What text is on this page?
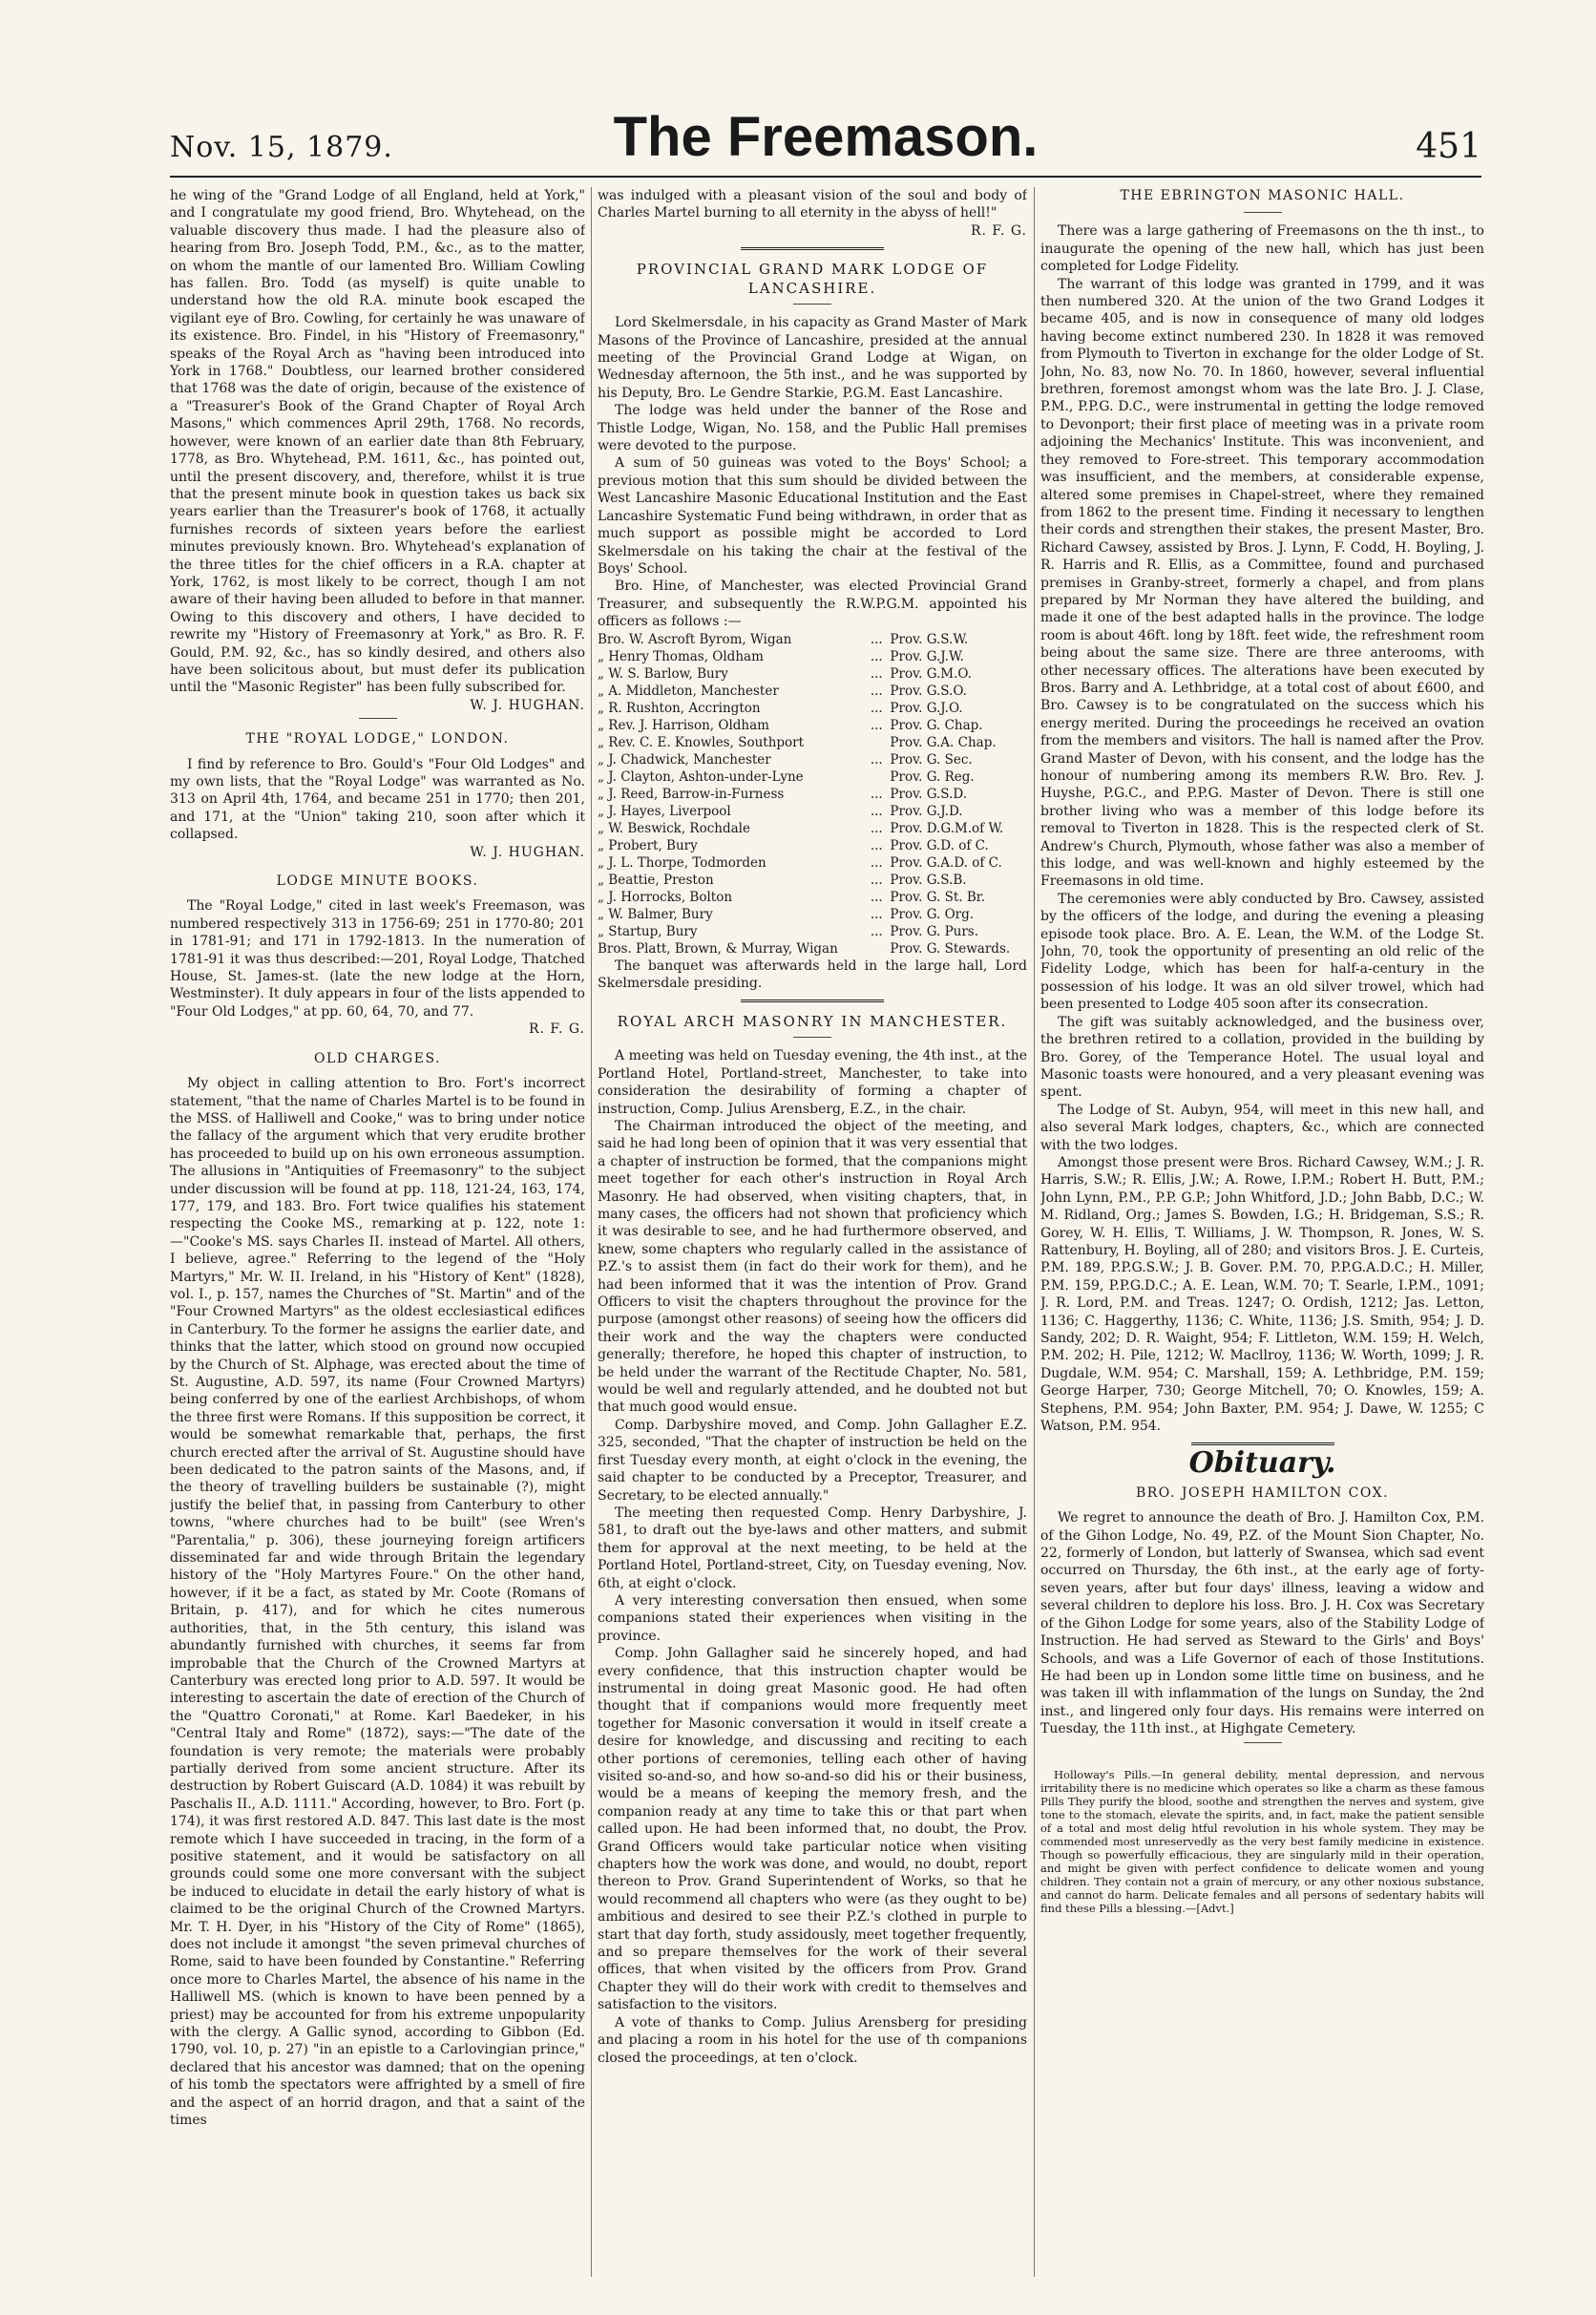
Nov. 15, 1879.	The Freemason.	451

he wing of the "Grand Lodge of all England, held at York," and I congratulate my good friend, Bro. Whytehead, on the valuable discovery thus made. I had the pleasure also of hearing from Bro. Joseph Todd, P.M., &c., as to the matter, on whom the mantle of our lamented Bro. William Cowling has fallen. Bro. Todd (as myself) is quite unable to understand how the old R.A. minute book escaped the vigilant eye of Bro. Cowling, for certainly he was unaware of its existence. Bro. Findel, in his "History of Freemasonry," speaks of the Royal Arch as "having been introduced into York in 1768." Doubtless, our learned brother considered that 1768 was the date of origin, because of the existence of a "Treasurer's Book of the Grand Chapter of Royal Arch Masons," which commences April 29th, 1768. No records, however, were known of an earlier date than 8th February, 1778, as Bro. Whytehead, P.M. 1611, &c., has pointed out, until the present discovery, and, therefore, whilst it is true that the present minute book in question takes us back six years earlier than the Treasurer's book of 1768, it actually furnishes records of sixteen years before the earliest minutes previously known. Bro. Whytehead's explanation of the three titles for the chief officers in a R.A. chapter at York, 1762, is most likely to be correct, though I am not aware of their having been alluded to before in that manner. Owing to this discovery and others, I have decided to rewrite my "History of Freemasonry at York," as Bro. R. F. Gould, P.M. 92, &c., has so kindly desired, and others also have been solicitous about, but must defer its publication until the "Masonic Register" has been fully subscribed for.

W. J. HUGHAN.

THE "ROYAL LODGE," LONDON.

I find by reference to Bro. Gould's "Four Old Lodges" and my own lists, that the "Royal Lodge" was warranted as No. 313 on April 4th, 1764, and became 251 in 1770; then 201, and 171, at the "Union" taking 210, soon after which it collapsed.

W. J. HUGHAN.

LODGE MINUTE BOOKS.

The "Royal Lodge," cited in last week's Freemason, was numbered respectively 313 in 1756-69; 251 in 1770-80; 201 in 1781-91; and 171 in 1792-1813. In the numeration of 1781-91 it was thus described:—201, Royal Lodge, Thatched House, St. James-st. (late the new lodge at the Horn, Westminster). It duly appears in four of the lists appended to "Four Old Lodges," at pp. 60, 64, 70, and 77.

R. F. G.

OLD CHARGES.

My object in calling attention to Bro. Fort's incorrect statement, "that the name of Charles Martel is to be found in the MSS. of Halliwell and Cooke," was to bring under notice the fallacy of the argument which that very erudite brother has proceeded to build up on his own erroneous assumption. The allusions in "Antiquities of Freemasonry" to the subject under discussion will be found at pp. 118, 121-24, 163, 174, 177, 179, and 183. Bro. Fort twice qualifies his statement respecting the Cooke MS., remarking at p. 122, note 1:—"Cooke's MS. says Charles II. instead of Martel. All others, I believe, agree." Referring to the legend of the "Holy Martyrs," Mr. W. II. Ireland, in his "History of Kent" (1828), vol. I., p. 157, names the Churches of "St. Martin" and of the "Four Crowned Martyrs" as the oldest ecclesiastical edifices in Canterbury. To the former he assigns the earlier date, and thinks that the latter, which stood on ground now occupied by the Church of St. Alphage, was erected about the time of St. Augustine, A.D. 597, its name (Four Crowned Martyrs) being conferred by one of the earliest Archbishops, of whom the three first were Romans. If this supposition be correct, it would be somewhat remarkable that, perhaps, the first church erected after the arrival of St. Augustine should have been dedicated to the patron saints of the Masons, and, if the theory of travelling builders be sustainable (?), might justify the belief that, in passing from Canterbury to other towns, "where churches had to be built" (see Wren's "Parentalia," p. 306), these journeying foreign artificers disseminated far and wide through Britain the legendary history of the "Holy Martyres Foure." On the other hand, however, if it be a fact, as stated by Mr. Coote (Romans of Britain, p. 417), and for which he cites numerous authorities, that, in the 5th century, this island was abundantly furnished with churches, it seems far from improbable that the Church of the Crowned Martyrs at Canterbury was erected long prior to A.D. 597. It would be interesting to ascertain the date of erection of the Church of the "Quattro Coronati," at Rome. Karl Baedeker, in his "Central Italy and Rome" (1872), says:—"The date of the foundation is very remote; the materials were probably partially derived from some ancient structure. After its destruction by Robert Guiscard (A.D. 1084) it was rebuilt by Paschalis II., A.D. 1111." According, however, to Bro. Fort (p. 174), it was first restored A.D. 847. This last date is the most remote which I have succeeded in tracing, in the form of a positive statement, and it would be satisfactory on all grounds could some one more conversant with the subject be induced to elucidate in detail the early history of what is claimed to be the original Church of the Crowned Martyrs. Mr. T. H. Dyer, in his "History of the City of Rome" (1865), does not include it amongst "the seven primeval churches of Rome, said to have been founded by Constantine." Referring once more to Charles Martel, the absence of his name in the Halliwell MS. (which is known to have been penned by a priest) may be accounted for from his extreme unpopularity with the clergy. A Gallic synod, according to Gibbon (Ed. 1790, vol. 10, p. 27) "in an epistle to a Carlovingian prince," declared that his ancestor was damned; that on the opening of his tomb the spectators were affrighted by a smell of fire and the aspect of an horrid dragon, and that a saint of the times

was indulged with a pleasant vision of the soul and body of Charles Martel burning to all eternity in the abyss of hell!"

R. F. G.

PROVINCIAL GRAND MARK LODGE OF LANCASHIRE.

Lord Skelmersdale, in his capacity as Grand Master of Mark Masons of the Province of Lancashire, presided at the annual meeting of the Provincial Grand Lodge at Wigan, on Wednesday afternoon, the 5th inst., and he was supported by his Deputy, Bro. Le Gendre Starkie, P.G.M. East Lancashire.

The lodge was held under the banner of the Rose and Thistle Lodge, Wigan, No. 158, and the Public Hall premises were devoted to the purpose.

A sum of 50 guineas was voted to the Boys' School; a previous motion that this sum should be divided between the West Lancashire Masonic Educational Institution and the East Lancashire Systematic Fund being withdrawn, in order that as much support as possible might be accorded to Lord Skelmersdale on his taking the chair at the festival of the Boys' School.

Bro. Hine, of Manchester, was elected Provincial Grand Treasurer, and subsequently the R.W.P.G.M. appointed his officers as follows :—

Bro. W. Ascroft Byrom, Wigan	...	Prov. G.S.W.
„ Henry Thomas, Oldham	...	Prov. G.J.W.
„ W. S. Barlow, Bury	...	Prov. G.M.O.
„ A. Middleton, Manchester	...	Prov. G.S.O.
„ R. Rushton, Accrington	...	Prov. G.J.O.
„ Rev. J. Harrison, Oldham	...	Prov. G. Chap.
„ Rev. C. E. Knowles, Southport		Prov. G.A. Chap.
„ J. Chadwick, Manchester	...	Prov. G. Sec.
„ J. Clayton, Ashton-under-Lyne		Prov. G. Reg.
„ J. Reed, Barrow-in-Furness	...	Prov. G.S.D.
„ J. Hayes, Liverpool	...	Prov. G.J.D.
„ W. Beswick, Rochdale	...	Prov. D.G.M.of W.
„ Probert, Bury	...	Prov. G.D. of C.
„ J. L. Thorpe, Todmorden	...	Prov. G.A.D. of C.
„ Beattie, Preston	...	Prov. G.S.B.
„ J. Horrocks, Bolton	...	Prov. G. St. Br.
„ W. Balmer, Bury	...	Prov. G. Org.
„ Startup, Bury	...	Prov. G. Purs.
Bros. Platt, Brown, & Murray, Wigan		Prov. G. Stewards.

The banquet was afterwards held in the large hall, Lord Skelmersdale presiding.

ROYAL ARCH MASONRY IN MANCHESTER.

A meeting was held on Tuesday evening, the 4th inst., at the Portland Hotel, Portland-street, Manchester, to take into consideration the desirability of forming a chapter of instruction, Comp. Julius Arensberg, E.Z., in the chair.

The Chairman introduced the object of the meeting, and said he had long been of opinion that it was very essential that a chapter of instruction be formed, that the companions might meet together for each other's instruction in Royal Arch Masonry. He had observed, when visiting chapters, that, in many cases, the officers had not shown that proficiency which it was desirable to see, and he had furthermore observed, and knew, some chapters who regularly called in the assistance of P.Z.'s to assist them (in fact do their work for them), and he had been informed that it was the intention of Prov. Grand Officers to visit the chapters throughout the province for the purpose (amongst other reasons) of seeing how the officers did their work and the way the chapters were conducted generally; therefore, he hoped this chapter of instruction, to be held under the warrant of the Rectitude Chapter, No. 581, would be well and regularly attended, and he doubted not but that much good would ensue.

Comp. Darbyshire moved, and Comp. John Gallagher E.Z. 325, seconded, "That the chapter of instruction be held on the first Tuesday every month, at eight o'clock in the evening, the said chapter to be conducted by a Preceptor, Treasurer, and Secretary, to be elected annually."

The meeting then requested Comp. Henry Darbyshire, J. 581, to draft out the bye-laws and other matters, and submit them for approval at the next meeting, to be held at the Portland Hotel, Portland-street, City, on Tuesday evening, Nov. 6th, at eight o'clock.

A very interesting conversation then ensued, when some companions stated their experiences when visiting in the province.

Comp. John Gallagher said he sincerely hoped, and had every confidence, that this instruction chapter would be instrumental in doing great Masonic good. He had often thought that if companions would more frequently meet together for Masonic conversation it would in itself create a desire for knowledge, and discussing and reciting to each other portions of ceremonies, telling each other of having visited so-and-so, and how so-and-so did his or their business, would be a means of keeping the memory fresh, and the companion ready at any time to take this or that part when called upon. He had been informed that, no doubt, the Prov. Grand Officers would take particular notice when visiting chapters how the work was done, and would, no doubt, report thereon to Prov. Grand Superintendent of Works, so that he would recommend all chapters who were (as they ought to be) ambitious and desired to see their P.Z.'s clothed in purple to start that day forth, study assidously, meet together frequently, and so prepare themselves for the work of their several offices, that when visited by the officers from Prov. Grand Chapter they will do their work with credit to themselves and satisfaction to the visitors.

A vote of thanks to Comp. Julius Arensberg for presiding and placing a room in his hotel for the use of th companions closed the proceedings, at ten o'clock.

THE EBRINGTON MASONIC HALL.

There was a large gathering of Freemasons on the th inst., to inaugurate the opening of the new hall, which has just been completed for Lodge Fidelity.

The warrant of this lodge was granted in 1799, and it was then numbered 320. At the union of the two Grand Lodges it became 405, and is now in consequence of many old lodges having become extinct numbered 230. In 1828 it was removed from Plymouth to Tiverton in exchange for the older Lodge of St. John, No. 83, now No. 70. In 1860, however, several influential brethren, foremost amongst whom was the late Bro. J. J. Clase, P.M., P.P.G. D.C., were instrumental in getting the lodge removed to Devonport; their first place of meeting was in a private room adjoining the Mechanics' Institute. This was inconvenient, and they removed to Fore-street. This temporary accommodation was insufficient, and the members, at considerable expense, altered some premises in Chapel-street, where they remained from 1862 to the present time. Finding it necessary to lengthen their cords and strengthen their stakes, the present Master, Bro. Richard Cawsey, assisted by Bros. J. Lynn, F. Codd, H. Boyling, J. R. Harris and R. Ellis, as a Committee, found and purchased premises in Granby-street, formerly a chapel, and from plans prepared by Mr Norman they have altered the building, and made it one of the best adapted halls in the province. The lodge room is about 46ft. long by 18ft. feet wide, the refreshment room being about the same size. There are three anterooms, with other necessary offices. The alterations have been executed by Bros. Barry and A. Lethbridge, at a total cost of about £600, and Bro. Cawsey is to be congratulated on the success which his energy merited. During the proceedings he received an ovation from the members and visitors. The hall is named after the Prov. Grand Master of Devon, with his consent, and the lodge has the honour of numbering among its members R.W. Bro. Rev. J. Huyshe, P.G.C., and P.P.G. Master of Devon. There is still one brother living who was a member of this lodge before its removal to Tiverton in 1828. This is the respected clerk of St. Andrew's Church, Plymouth, whose father was also a member of this lodge, and was well-known and highly esteemed by the Freemasons in old time.

The ceremonies were ably conducted by Bro. Cawsey, assisted by the officers of the lodge, and during the evening a pleasing episode took place. Bro. A. E. Lean, the W.M. of the Lodge St. John, 70, took the opportunity of presenting an old relic of the Fidelity Lodge, which has been for half-a-century in the possession of his lodge. It was an old silver trowel, which had been presented to Lodge 405 soon after its consecration.

The gift was suitably acknowledged, and the business over, the brethren retired to a collation, provided in the building by Bro. Gorey, of the Temperance Hotel. The usual loyal and Masonic toasts were honoured, and a very pleasant evening was spent.

The Lodge of St. Aubyn, 954, will meet in this new hall, and also several Mark lodges, chapters, &c., which are connected with the two lodges.

Amongst those present were Bros. Richard Cawsey, W.M.; J. R. Harris, S.W.; R. Ellis, J.W.; A. Rowe, I.P.M.; Robert H. Butt, P.M.; John Lynn, P.M., P.P. G.P.; John Whitford, J.D.; John Babb, D.C.; W. M. Ridland, Org.; James S. Bowden, I.G.; H. Bridgeman, S.S.; R. Gorey, W. H. Ellis, T. Williams, J. W. Thompson, R. Jones, W. S. Rattenbury, H. Boyling, all of 280; and visitors Bros. J. E. Curteis, P.M. 189, P.P.G.S.W.; J. B. Gover. P.M. 70, P.P.G.A.D.C.; H. Miller, P.M. 159, P.P.G.D.C.; A. E. Lean, W.M. 70; T. Searle, I.P.M., 1091; J. R. Lord, P.M. and Treas. 1247; O. Ordish, 1212; Jas. Letton, 1136; C. Haggerthy, 1136; C. White, 1136; J.S. Smith, 954; J. D. Sandy, 202; D. R. Waight, 954; F. Littleton, W.M. 159; H. Welch, P.M. 202; H. Pile, 1212; W. Macllroy, 1136; W. Worth, 1099; J. R. Dugdale, W.M. 954; C. Marshall, 159; A. Lethbridge, P.M. 159; George Harper, 730; George Mitchell, 70; O. Knowles, 159; A. Stephens, P.M. 954; John Baxter, P.M. 954; J. Dawe, W. 1255; C Watson, P.M. 954.

Obituary.

BRO. JOSEPH HAMILTON COX.

We regret to announce the death of Bro. J. Hamilton Cox, P.M. of the Gihon Lodge, No. 49, P.Z. of the Mount Sion Chapter, No. 22, formerly of London, but latterly of Swansea, which sad event occurred on Thursday, the 6th inst., at the early age of forty-seven years, after but four days' illness, leaving a widow and several children to deplore his loss. Bro. J. H. Cox was Secretary of the Gihon Lodge for some years, also of the Stability Lodge of Instruction. He had served as Steward to the Girls' and Boys' Schools, and was a Life Governor of each of those Institutions. He had been up in London some little time on business, and he was taken ill with inflammation of the lungs on Sunday, the 2nd inst., and lingered only four days. His remains were interred on Tuesday, the 11th inst., at Highgate Cemetery.

Holloway's Pills.—In general debility, mental depression, and nervous irritability there is no medicine which operates so like a charm as these famous Pills They purify the blood, soothe and strengthen the nerves and system, give tone to the stomach, elevate the spirits, and, in fact, make the patient sensible of a total and most delig htful revolution in his whole system. They may be commended most unreservedly as the very best family medicine in existence. Though so powerfully efficacious, they are singularly mild in their operation, and might be given with perfect confidence to delicate women and young children. They contain not a grain of mercury, or any other noxious substance, and cannot do harm. Delicate females and all persons of sedentary habits will find these Pills a blessing.—[Advt.]
